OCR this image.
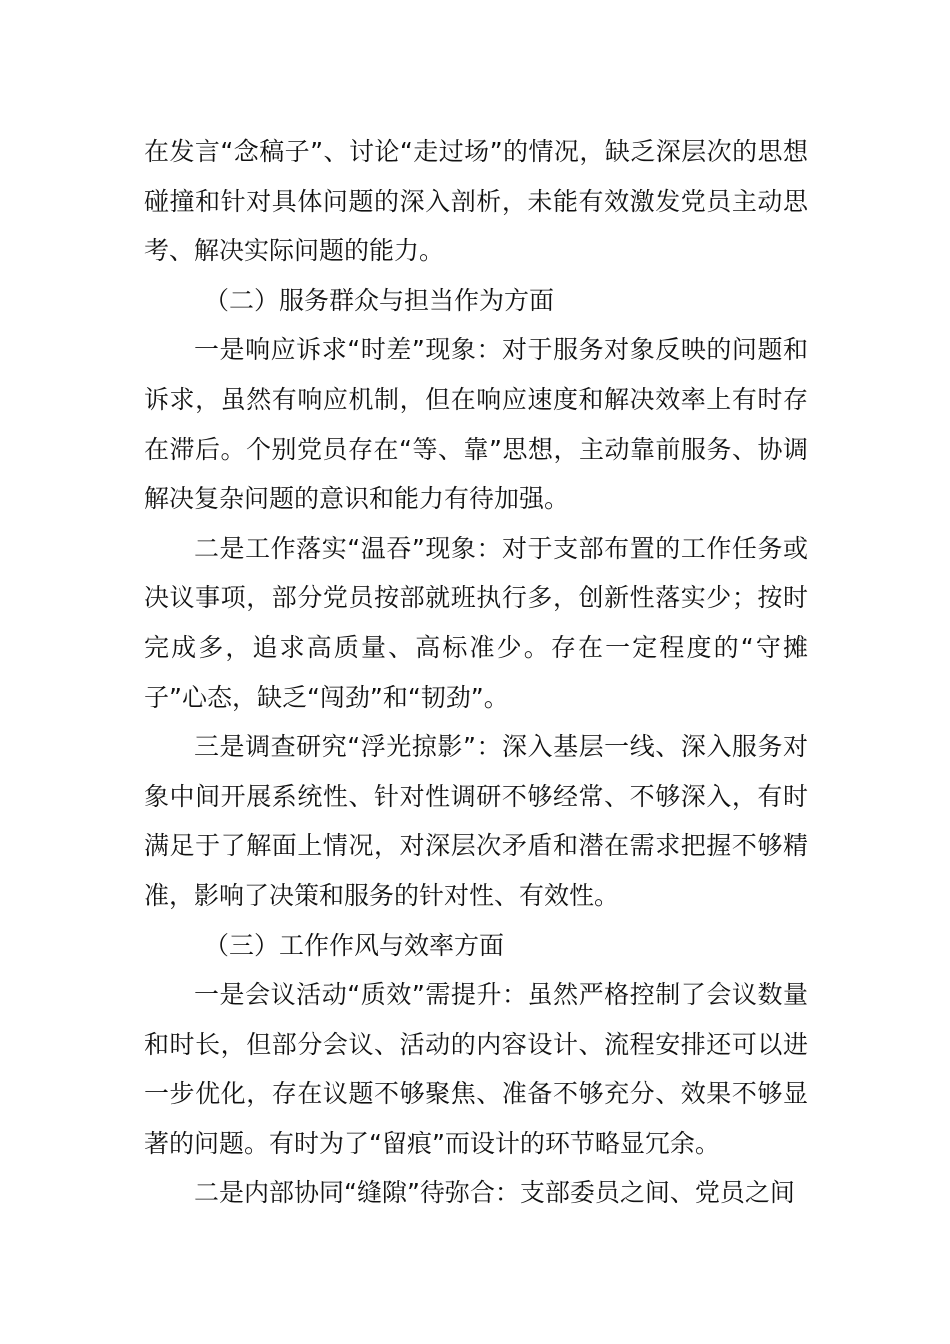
在发言“念稿子”、讨论“走过场”的情况，缺乏深层次的思想碰撞和针对具体问题的深入剖析，未能有效激发党员主动思考、解决实际问题的能力。

（二）服务群众与担当作为方面

一是响应诉求“时差”现象：对于服务对象反映的问题和诉求，虽然有响应机制，但在响应速度和解决效率上有时存在滞后。个别党员存在“等、靠”思想，主动靠前服务、协调解决复杂问题的意识和能力有待加强。

二是工作落实“温吞”现象：对于支部布置的工作任务或决议事项，部分党员按部就班执行多，创新性落实少；按时完成多，追求高质量、高标准少。存在一定程度的“守摊子”心态，缺乏“闯劲”和“韧劲”。

三是调查研究“浮光掠影”：深入基层一线、深入服务对象中间开展系统性、针对性调研不够经常、不够深入，有时满足于了解面上情况，对深层次矛盾和潜在需求把握不够精准，影响了决策和服务的针对性、有效性。

（三）工作作风与效率方面

一是会议活动“质效”需提升：虽然严格控制了会议数量和时长，但部分会议、活动的内容设计、流程安排还可以进一步优化，存在议题不够聚焦、准备不够充分、效果不够显著的问题。有时为了“留痕”而设计的环节略显冗余。

二是内部协同“缝隙”待弥合：支部委员之间、党员之间
